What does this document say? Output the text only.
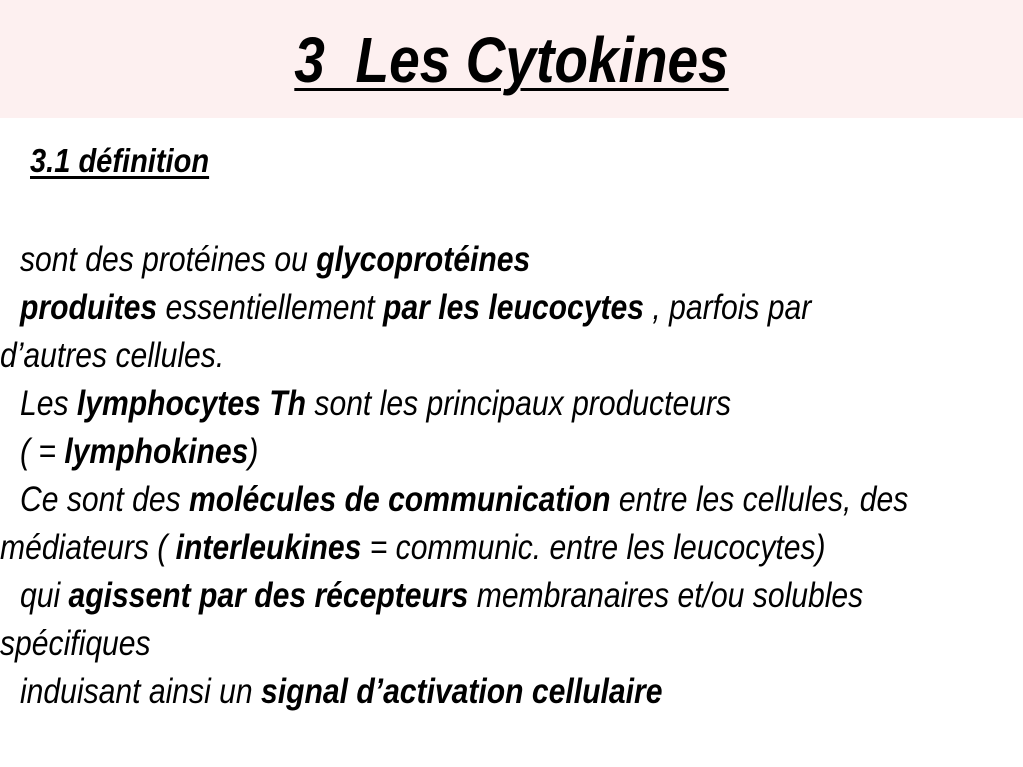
3  Les Cytokines
3.1 définition
sont des protéines ou glycoprotéines
produites essentiellement par les leucocytes , parfois par
d’autres cellules.
Les lymphocytes Th sont les principaux producteurs
( = lymphokines)
Ce sont des molécules de communication entre les cellules, des
médiateurs ( interleukines = communic. entre les leucocytes)
qui agissent par des récepteurs membranaires et/ou solubles
spécifiques
induisant ainsi un signal d’activation cellulaire
